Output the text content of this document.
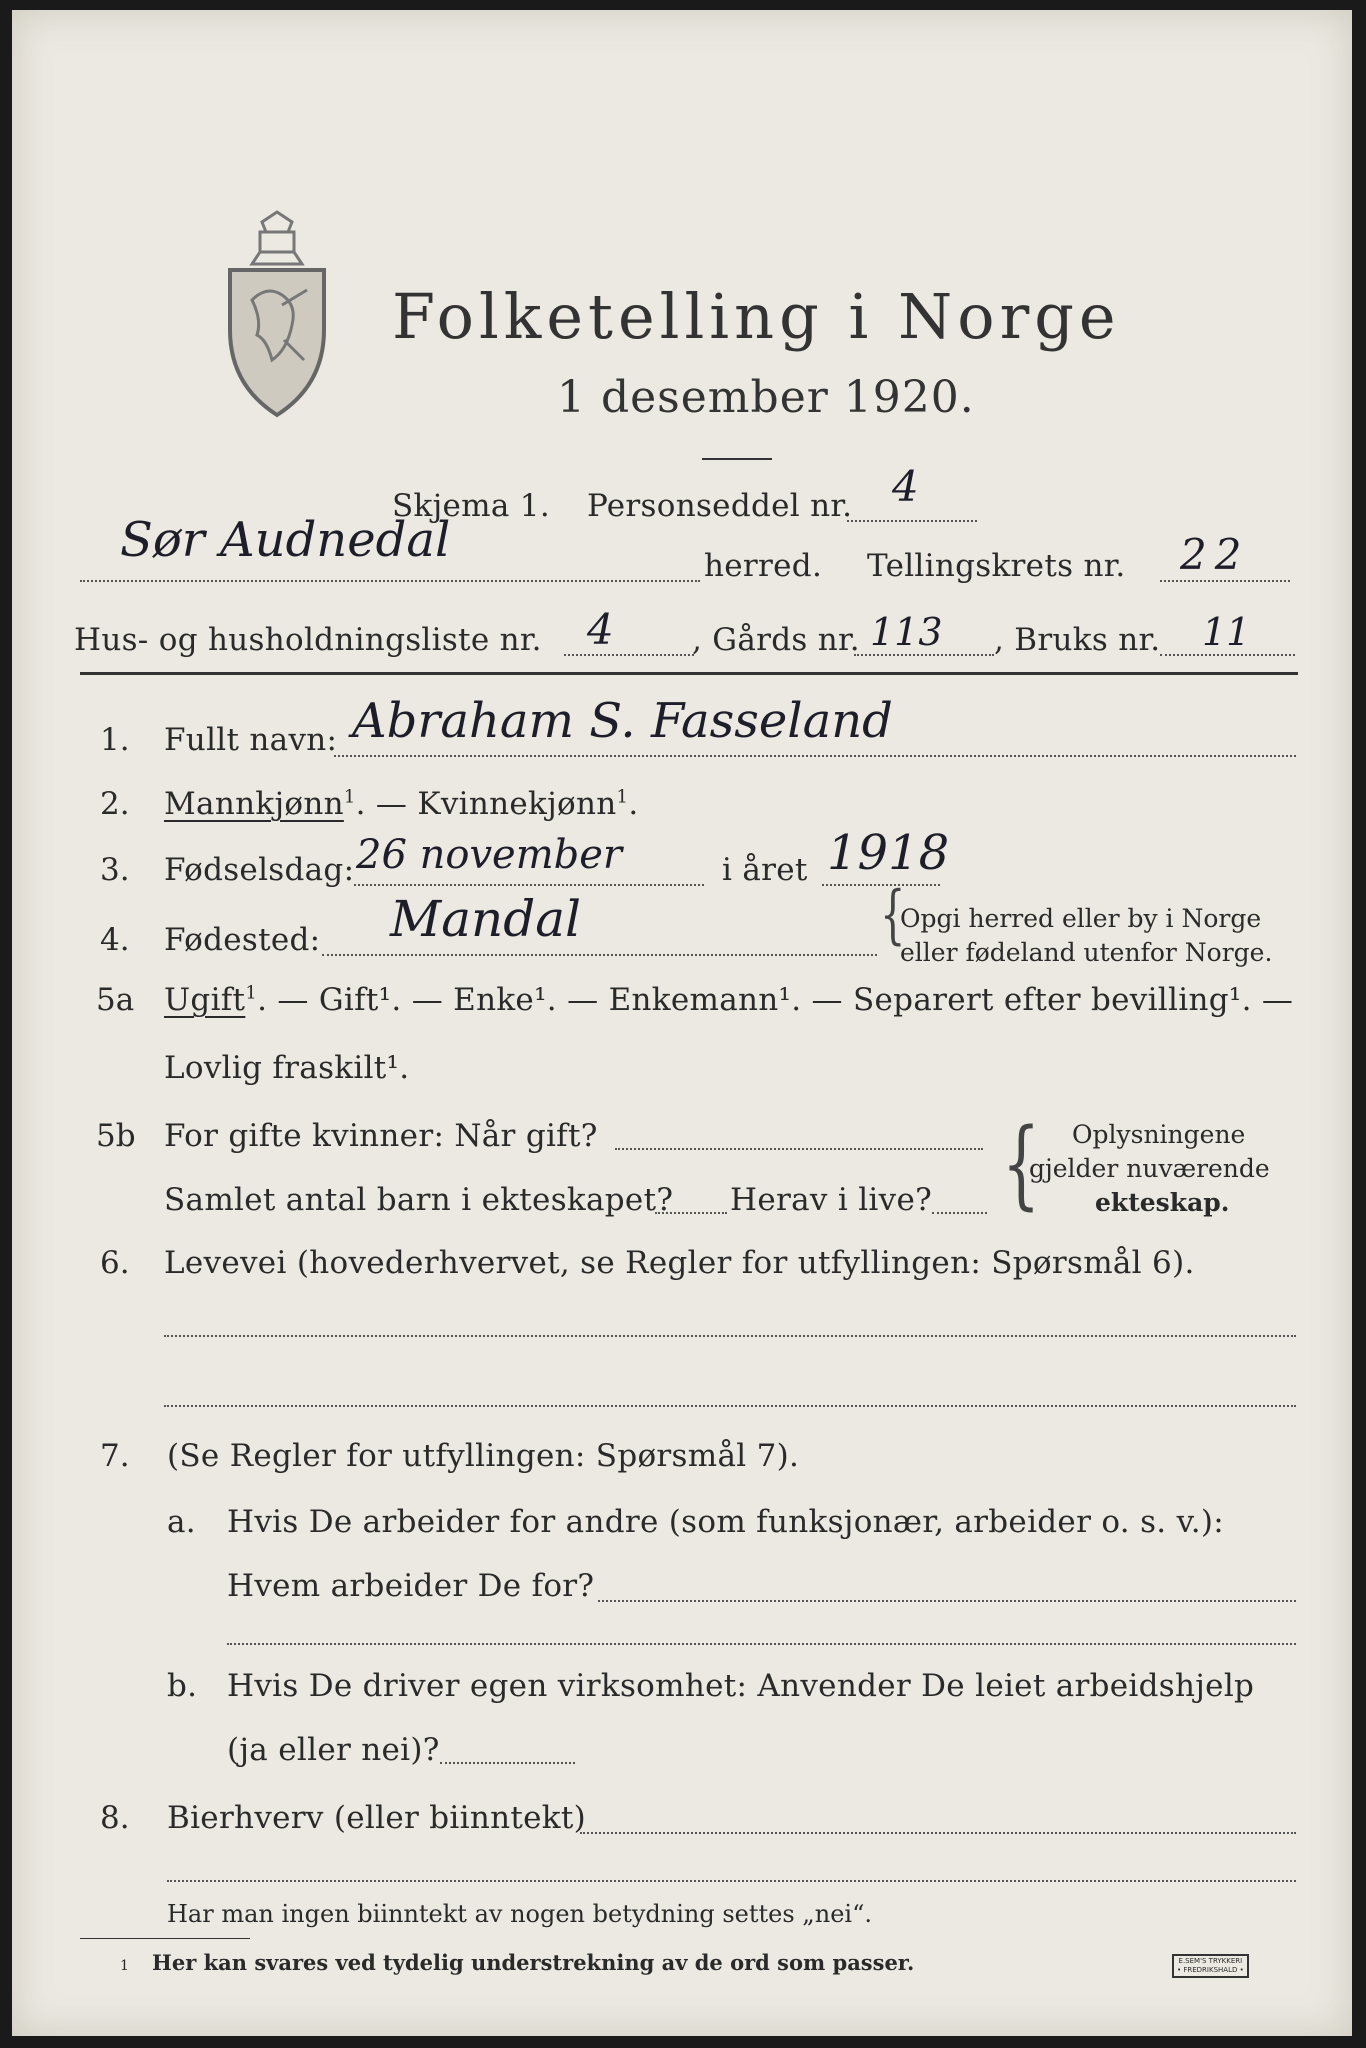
Folketelling i Norge
1 desember 1920.
Skjema 1. Personseddel nr. 4
Sør Audnedal	herred. Tellingskrets nr. 22
Hus- og husholdningsliste nr. 4	, Gårds nr. 113 , Bruks nr. 11
1. Fullt navn: Abraham S. Fasseland
2. Mannkjønn$^1$. — Kvinnekjønn$^1$.
3. Fødselsdag: 26 november	i året 1918
4. Fødested: Mandal	{
Opgi herred eller by i Norge
eller fødeland utenfor Norge.
5a Ugift$^1$. — Gift¹. — Enke¹. — Enkemann¹. — Separert efter bevilling¹. —
Lovlig fraskilt¹.
5b For gifte kvinner: Når gift?
Samlet antal barn i ekteskapet? Herav i live? { Oplysningene
gjelder nuværende
ekteskap.
6. Levevei (hovederhvervet, se Regler for utfyllingen: Spørsmål 6).
7. (Se Regler for utfyllingen: Spørsmål 7).
a. Hvis De arbeider for andre (som funksjonær, arbeider o. s. v.):
Hvem arbeider De for?
b. Hvis De driver egen virksomhet: Anvender De leiet arbeidshjelp
(ja eller nei)?
8. Bierhverv (eller biinntekt)
Har man ingen biinntekt av nogen betydning settes „nei“.
1 Her kan svares ved tydelig understrekning av de ord som passer.	E.SEM'S TRYKKERI
• FREDRIKSHALD •
